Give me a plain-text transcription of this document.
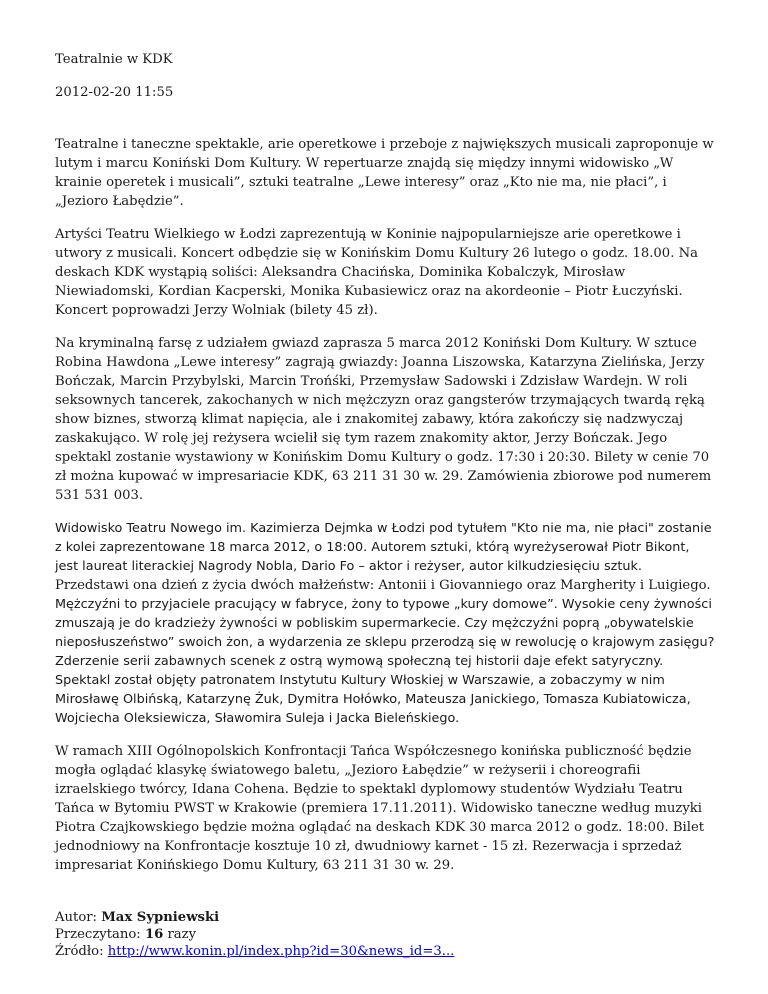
Teatralnie w KDK

2012-02-20 11:55

Teatralne i taneczne spektakle, arie operetkowe i przeboje z największych musicali zaproponuje w lutym i marcu Koniński Dom Kultury. W repertuarze znajdą się między innymi widowisko „W krainie operetek i musicali”, sztuki teatralne „Lewe interesy” oraz „Kto nie ma, nie płaci”, i „Jezioro Łabędzie”.

Artyści Teatru Wielkiego w Łodzi zaprezentują w Koninie najpopularniejsze arie operetkowe i utwory z musicali. Koncert odbędzie się w Konińskim Domu Kultury 26 lutego o godz. 18.00. Na deskach KDK wystąpią soliści: Aleksandra Chacińska, Dominika Kobalczyk, Mirosław Niewiadomski, Kordian Kacperski, Monika Kubasiewicz oraz na akordeonie – Piotr Łuczyński. Koncert poprowadzi Jerzy Wolniak (bilety 45 zł).

Na kryminalną farsę z udziałem gwiazd zaprasza 5 marca 2012 Koniński Dom Kultury. W sztuce Robina Hawdona „Lewe interesy” zagrają gwiazdy: Joanna Liszowska, Katarzyna Zielińska, Jerzy Bończak, Marcin Przybylski, Marcin Trońśki, Przemysław Sadowski i Zdzisław Wardejn. W roli seksownych tancerek, zakochanych w nich mężczyzn oraz gangsterów trzymających twardą ręką show biznes, stworzą klimat napięcia, ale i znakomitej zabawy, która zakończy się nadzwyczaj zaskakująco. W rolę jej reżysera wcielił się tym razem znakomity aktor, Jerzy Bończak. Jego spektakl zostanie wystawiony w Konińskim Domu Kultury o godz. 17:30 i 20:30. Bilety w cenie 70 zł można kupować w impresariacie KDK, 63 211 31 30 w. 29. Zamówienia zbiorowe pod numerem 531 531 003.

Widowisko Teatru Nowego im. Kazimierza Dejmka w Łodzi pod tytułem "Kto nie ma, nie płaci" zostanie z kolei zaprezentowane 18 marca 2012, o 18:00. Autorem sztuki, którą wyreżyserował Piotr Bikont, jest laureat literackiej Nagrody Nobla, Dario Fo – aktor i reżyser, autor kilkudziesięciu sztuk. Przedstawi ona dzień z życia dwóch małżeństw: Antonii i Giovanniego oraz Margherity i Luigiego. Mężczyźni to przyjaciele pracujący w fabryce, żony to typowe „kury domowe”. Wysokie ceny żywności zmuszają je do kradzieży żywności w pobliskim supermarkecie. Czy mężczyźni poprą „obywatelskie nieposłuszeństwo” swoich żon, a wydarzenia ze sklepu przerodzą się w rewolucję o krajowym zasięgu? Zderzenie serii zabawnych scenek z ostrą wymową społeczną tej historii daje efekt satyryczny. Spektakl został objęty patronatem Instytutu Kultury Włoskiej w Warszawie, a zobaczymy w nim Mirosławę Olbińską, Katarzynę Żuk, Dymitra Hołówko, Mateusza Janickiego, Tomasza Kubiatowicza, Wojciecha Oleksiewicza, Sławomira Suleja i Jacka Bieleńskiego.

W ramach XIII Ogólnopolskich Konfrontacji Tańca Współczesnego konińska publiczność będzie mogła oglądać klasykę światowego baletu, „Jezioro Łabędzie” w reżyserii i choreografii izraelskiego twórcy, Idana Cohena. Będzie to spektakl dyplomowy studentów Wydziału Teatru Tańca w Bytomiu PWST w Krakowie (premiera 17.11.2011). Widowisko taneczne według muzyki Piotra Czajkowskiego będzie można oglądać na deskach KDK 30 marca 2012 o godz. 18:00. Bilet jednodniowy na Konfrontacje kosztuje 10 zł, dwudniowy karnet - 15 zł. Rezerwacja i sprzedaż impresariat Konińskiego Domu Kultury, 63 211 31 30 w. 29.

Autor: Max Sypniewski

Przeczytano: 16 razy

Źródło: http://www.konin.pl/index.php?id=30&news_id=3...
